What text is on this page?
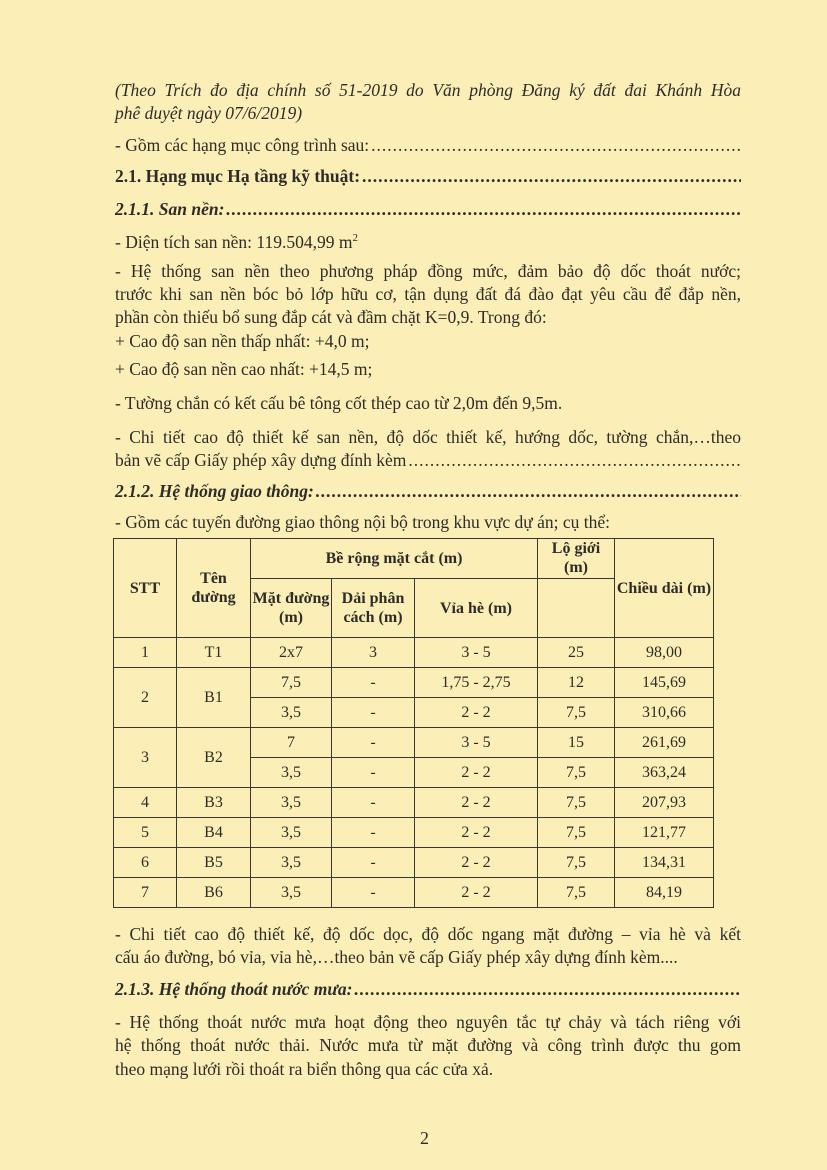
(Theo Trích đo địa chính số 51-2019 do Văn phòng Đăng ký đất đai Khánh Hòa
phê duyệt ngày 07/6/2019)
- Gồm các hạng mục công trình sau:
.....
2.1. Hạng mục Hạ tầng kỹ thuật:
.....
2.1.1. San nền:
.....
- Diện tích san nền: 119.504,99 $m^2$
- Hệ thống san nền theo phương pháp đồng mức, đảm bảo độ dốc thoát nước;
trước khi san nền bóc bỏ lớp hữu cơ, tận dụng đất đá đào đạt yêu cầu để đắp nền,
phần còn thiếu bổ sung đắp cát và đầm chặt K=0,9. Trong đó:
+ Cao độ san nền thấp nhất: +4,0 m;
+ Cao độ san nền cao nhất: +14,5 m;
- Tường chắn có kết cấu bê tông cốt thép cao từ 2,0m đến 9,5m.
- Chi tiết cao độ thiết kế san nền, độ dốc thiết kế, hướng dốc, tường chắn,…theo
bản vẽ cấp Giấy phép xây dựng đính kèm
.....
2.1.2. Hệ thống giao thông:
.....
- Gồm các tuyến đường giao thông nội bộ trong khu vực dự án; cụ thể:
STT	Tên đường	Bề rộng mặt cắt (m)			Lộ giới (m)	Chiều dài (m)
		Mặt đường (m)	Dải phân cách (m)	Vỉa hè (m)		
1	T1	2x7	3	3 - 5	25	98,00
2	B1	7,5	-	1,75 - 2,75	12	145,69
		3,5	-	2 - 2	7,5	310,66
3	B2	7	-	3 - 5	15	261,69
		3,5	-	2 - 2	7,5	363,24
4	B3	3,5	-	2 - 2	7,5	207,93
5	B4	3,5	-	2 - 2	7,5	121,77
6	B5	3,5	-	2 - 2	7,5	134,31
7	B6	3,5	-	2 - 2	7,5	84,19
- Chi tiết cao độ thiết kế, độ dốc dọc, độ dốc ngang mặt đường – vỉa hè và kết
cấu áo đường, bó vỉa, vỉa hè,…theo bản vẽ cấp Giấy phép xây dựng đính kèm....
2.1.3. Hệ thống thoát nước mưa:
.....
- Hệ thống thoát nước mưa hoạt động theo nguyên tắc tự chảy và tách riêng với
hệ thống thoát nước thải. Nước mưa từ mặt đường và công trình được thu gom
theo mạng lưới rồi thoát ra biển thông qua các cửa xả.
2
